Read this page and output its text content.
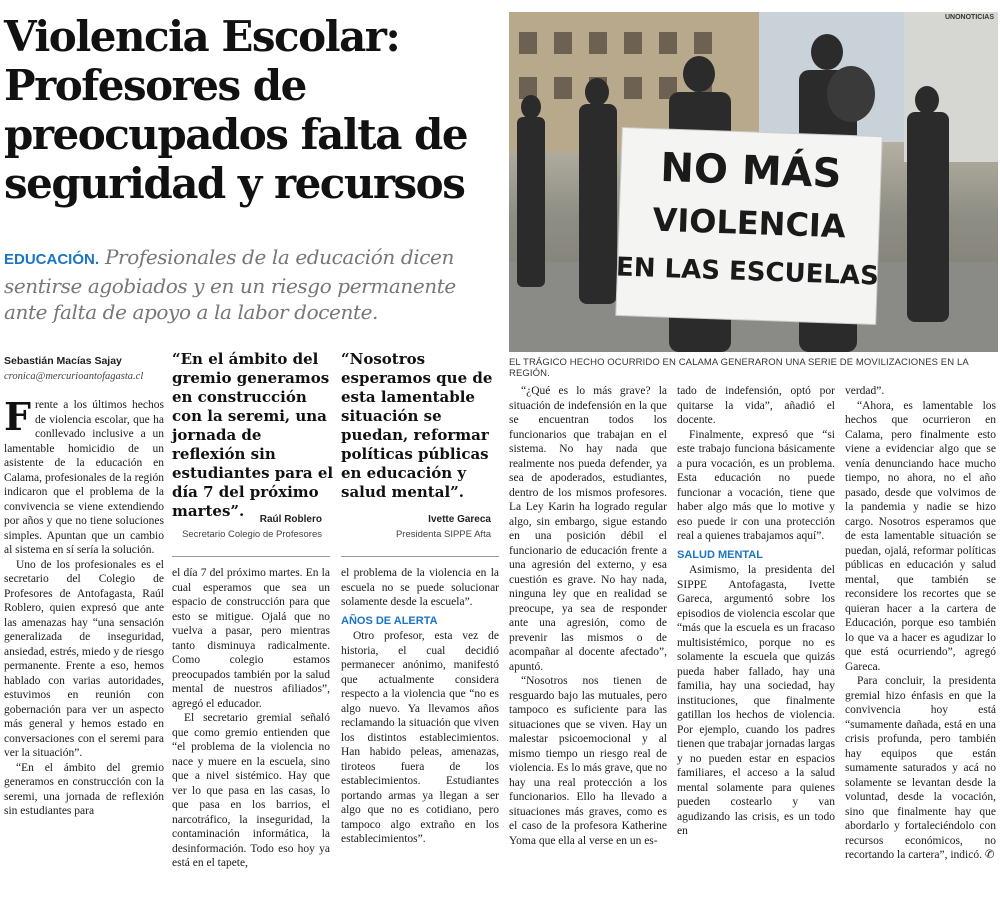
Violencia Escolar: Profesores de preocupados falta de seguridad y recursos

EDUCACIÓN. Profesionales de la educación dicen sentirse agobiados y en un riesgo permanente ante falta de apoyo a la labor docente.

NO MÁS
VIOLENCIA
EN LAS ESCUELAS
UNONOTICIAS
EL TRÁGICO HECHO OCURRIDO EN CALAMA GENERARON UNA SERIE DE MOVILIZACIONES EN LA REGIÓN.
Sebastián Macías Sajay
cronica@mercurioantofagasta.cl
“En el ámbito del gremio generamos en construcción con la seremi, una jornada de reflexión sin estudiantes para el día 7 del próximo martes”.	Raúl Roblero
Secretario Colegio de Profesores
“Nosotros esperamos que de esta lamentable situación se puedan, reformar políticas públicas en educación y salud mental”.
Ivette Gareca
Presidenta SIPPE Afta
F rente a los últimos hechos de violencia escolar, que ha conllevado inclusive a un lamentable homicidio de un asistente de la educación en Calama, profesionales de la región indicaron que el problema de la convivencia se viene extendiendo por años y que no tiene soluciones simples. Apuntan que un cambio al sistema en sí sería la solución.

Uno de los profesionales es el secretario del Colegio de Profesores de Antofagasta, Raúl Roblero, quien expresó que ante las amenazas hay “una sensación generalizada de inseguridad, ansiedad, estrés, miedo y de riesgo permanente. Frente a eso, hemos hablado con varias autoridades, estuvimos en reunión con gobernación para ver un aspecto más general y hemos estado en conversaciones con el seremi para ver la situación”.

“En el ámbito del gremio generamos en construcción con la seremi, una jornada de reflexión sin estudiantes para

el día 7 del próximo martes. En la cual esperamos que sea un espacio de construcción para que esto se mitigue. Ojalá que no vuelva a pasar, pero mientras tanto disminuya radicalmente. Como colegio estamos preocupados también por la salud mental de nuestros afiliados”, agregó el educador.

El secretario gremial señaló que como gremio entienden que “el problema de la violencia no nace y muere en la escuela, sino que a nivel sistémico. Hay que ver lo que pasa en las casas, lo que pasa en los barrios, el narcotráfico, la inseguridad, la contaminación informática, la desinformación. Todo eso hoy ya está en el tapete,

el problema de la violencia en la escuela no se puede solucionar solamente desde la escuela”.

AÑOS DE ALERTA

Otro profesor, esta vez de historia, el cual decidió permanecer anónimo, manifestó que actualmente considera respecto a la violencia que “no es algo nuevo. Ya llevamos años reclamando la situación que viven los distintos establecimientos. Han habido peleas, amenazas, tiroteos fuera de los establecimientos. Estudiantes portando armas ya llegan a ser algo que no es cotidiano, pero tampoco algo extraño en los establecimientos”.

“¿Qué es lo más grave? la situación de indefensión en la que se encuentran todos los funcionarios que trabajan en el sistema. No hay nada que realmente nos pueda defender, ya sea de apoderados, estudiantes, dentro de los mismos profesores. La Ley Karin ha logrado regular algo, sin embargo, sigue estando en una posición débil el funcionario de educación frente a una agresión del externo, y esa cuestión es grave. No hay nada, ninguna ley que en realidad se preocupe, ya sea de responder ante una agresión, como de prevenir las mismos o de acompañar al docente afectado”, apuntó.

“Nosotros nos tienen de resguardo bajo las mutuales, pero tampoco es suficiente para las situaciones que se viven. Hay un malestar psicoemocional y al mismo tiempo un riesgo real de violencia. Es lo más grave, que no hay una real protección a los funcionarios. Ello ha llevado a situaciones más graves, como es el caso de la profesora Katherine Yoma que ella al verse en un es-

tado de indefensión, optó por quitarse la vida”, añadió el docente.

Finalmente, expresó que “si este trabajo funciona básicamente a pura vocación, es un problema. Esta educación no puede funcionar a vocación, tiene que haber algo más que lo motive y eso puede ir con una protección real a quienes trabajamos aquí”.

SALUD MENTAL

Asimismo, la presidenta del SIPPE Antofagasta, Ivette Gareca, argumentó sobre los episodios de violencia escolar que “más que la escuela es un fracaso multisistémico, porque no es solamente la escuela que quizás pueda haber fallado, hay una familia, hay una sociedad, hay instituciones, que finalmente gatillan los hechos de violencia. Por ejemplo, cuando los padres tienen que trabajar jornadas largas y no pueden estar en espacios familiares, el acceso a la salud mental solamente para quienes pueden costearlo y van agudizando las crisis, es un todo en

verdad”.

“Ahora, es lamentable los hechos que ocurrieron en Calama, pero finalmente esto viene a evidenciar algo que se venía denunciando hace mucho tiempo, no ahora, no el año pasado, desde que volvimos de la pandemia y nadie se hizo cargo. Nosotros esperamos que de esta lamentable situación se puedan, ojalá, reformar políticas públicas en educación y salud mental, que también se reconsidere los recortes que se quieran hacer a la cartera de Educación, porque eso también lo que va a hacer es agudizar lo que está ocurriendo”, agregó Gareca.

Para concluir, la presidenta gremial hizo énfasis en que la convivencia hoy está “sumamente dañada, está en una crisis profunda, pero también hay equipos que están sumamente saturados y acá no solamente se levantan desde la voluntad, desde la vocación, sino que finalmente hay que abordarlo y fortaleciéndolo con recursos económicos, no recortando la cartera”, indicó. ✆
